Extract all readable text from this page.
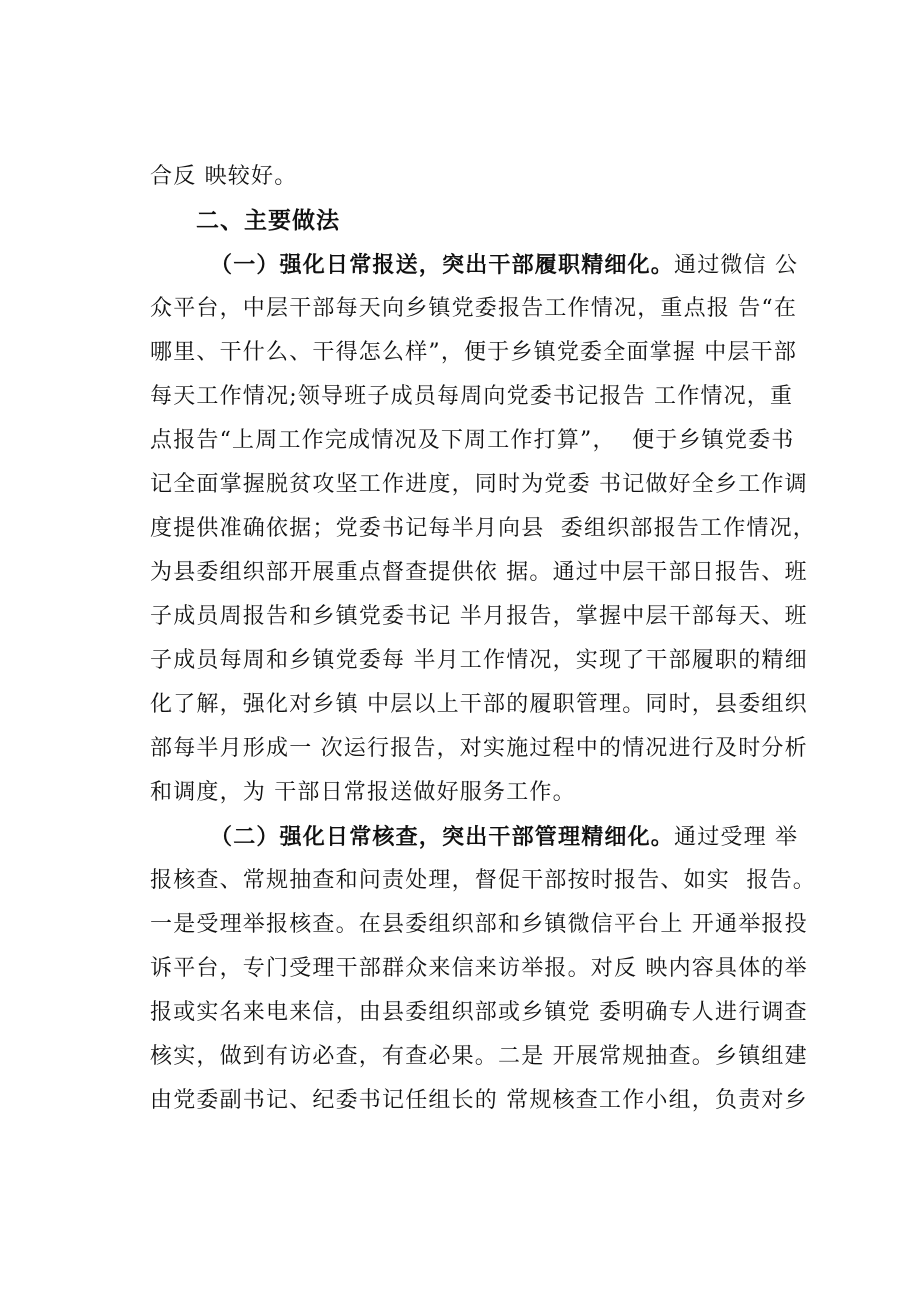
合反 映较好。
二、主要做法
（一）强化日常报送，突出干部履职精细化。通过微信 公
众平台，中层干部每天向乡镇党委报告工作情况，重点报 告“在
哪里、干什么、干得怎么样”，便于乡镇党委全面掌握 中层干部
每天工作情况;领导班子成员每周向党委书记报告 工作情况，重
点报告“上周工作完成情况及下周工作打算”，  便于乡镇党委书
记全面掌握脱贫攻坚工作进度，同时为党委 书记做好全乡工作调
度提供准确依据；党委书记每半月向县  委组织部报告工作情况，
为县委组织部开展重点督查提供依 据。通过中层干部日报告、班
子成员周报告和乡镇党委书记 半月报告，掌握中层干部每天、班
子成员每周和乡镇党委每 半月工作情况，实现了干部履职的精细
化了解，强化对乡镇 中层以上干部的履职管理。同时，县委组织
部每半月形成一 次运行报告，对实施过程中的情况进行及时分析
和调度，为 干部日常报送做好服务工作。
（二）强化日常核查，突出干部管理精细化。通过受理 举
报核查、常规抽查和问责处理，督促干部按时报告、如实  报告。
一是受理举报核查。在县委组织部和乡镇微信平台上 开通举报投
诉平台，专门受理干部群众来信来访举报。对反 映内容具体的举
报或实名来电来信，由县委组织部或乡镇党 委明确专人进行调查
核实，做到有访必查，有查必果。二是 开展常规抽查。乡镇组建
由党委副书记、纪委书记任组长的 常规核查工作小组，负责对乡
